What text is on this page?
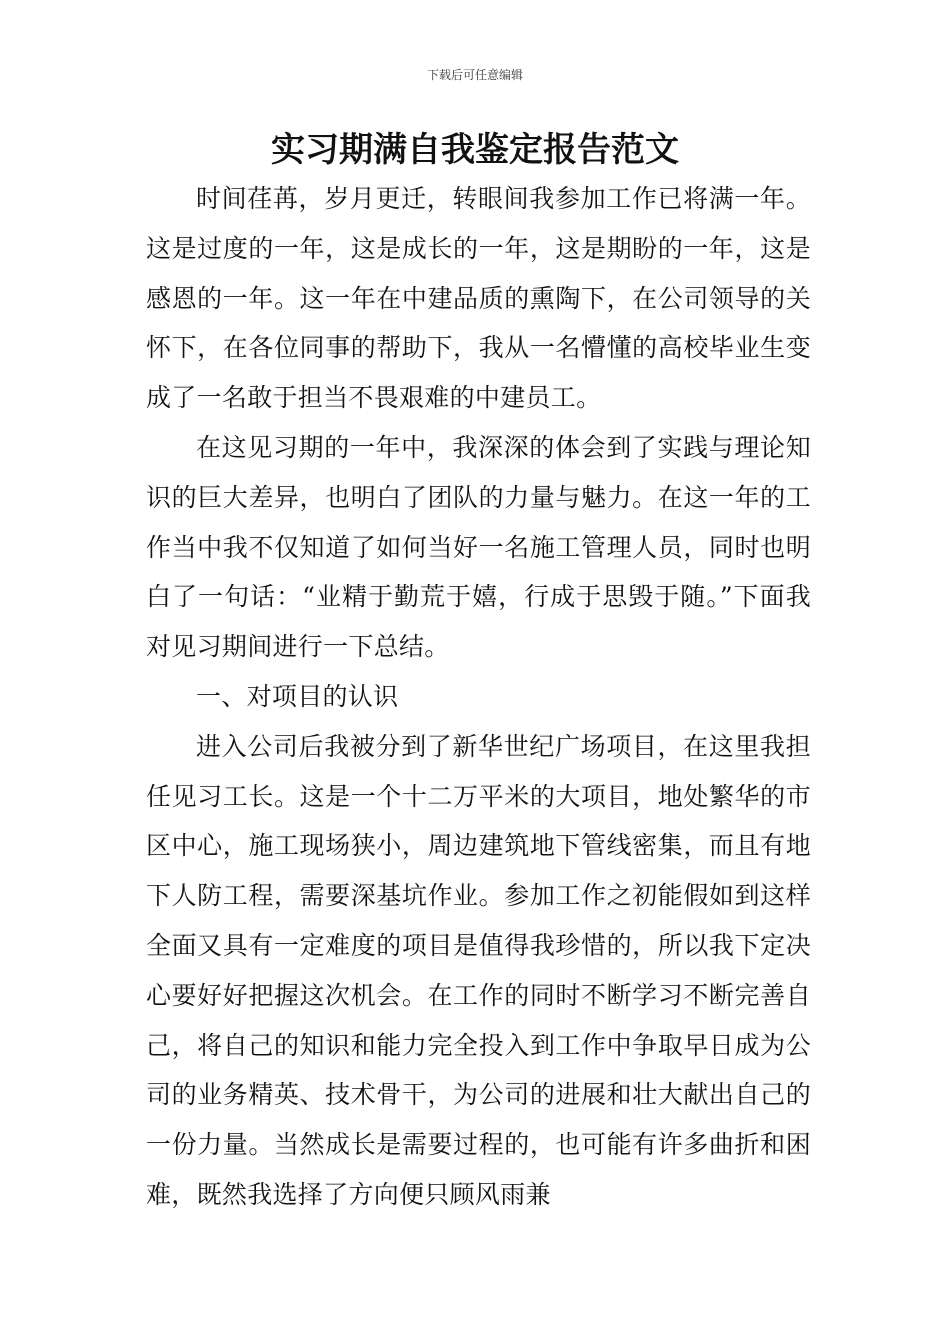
下载后可任意编辑
实习期满自我鉴定报告范文

时间荏苒，岁月更迁，转眼间我参加工作已将满一年。这是过度的一年，这是成长的一年，这是期盼的一年，这是感恩的一年。这一年在中建品质的熏陶下，在公司领导的关怀下，在各位同事的帮助下，我从一名懵懂的高校毕业生变成了一名敢于担当不畏艰难的中建员工。

在这见习期的一年中，我深深的体会到了实践与理论知识的巨大差异，也明白了团队的力量与魅力。在这一年的工作当中我不仅知道了如何当好一名施工管理人员，同时也明白了一句话：“业精于勤荒于嬉，行成于思毁于随。”下面我对见习期间进行一下总结。

一、对项目的认识

进入公司后我被分到了新华世纪广场项目，在这里我担任见习工长。这是一个十二万平米的大项目，地处繁华的市区中心，施工现场狭小，周边建筑地下管线密集，而且有地下人防工程，需要深基坑作业。参加工作之初能假如到这样全面又具有一定难度的项目是值得我珍惜的，所以我下定决心要好好把握这次机会。在工作的同时不断学习不断完善自己，将自己的知识和能力完全投入到工作中争取早日成为公司的业务精英、技术骨干，为公司的进展和壮大献出自己的一份力量。当然成长是需要过程的，也可能有许多曲折和困难，既然我选择了方向便只顾风雨兼
